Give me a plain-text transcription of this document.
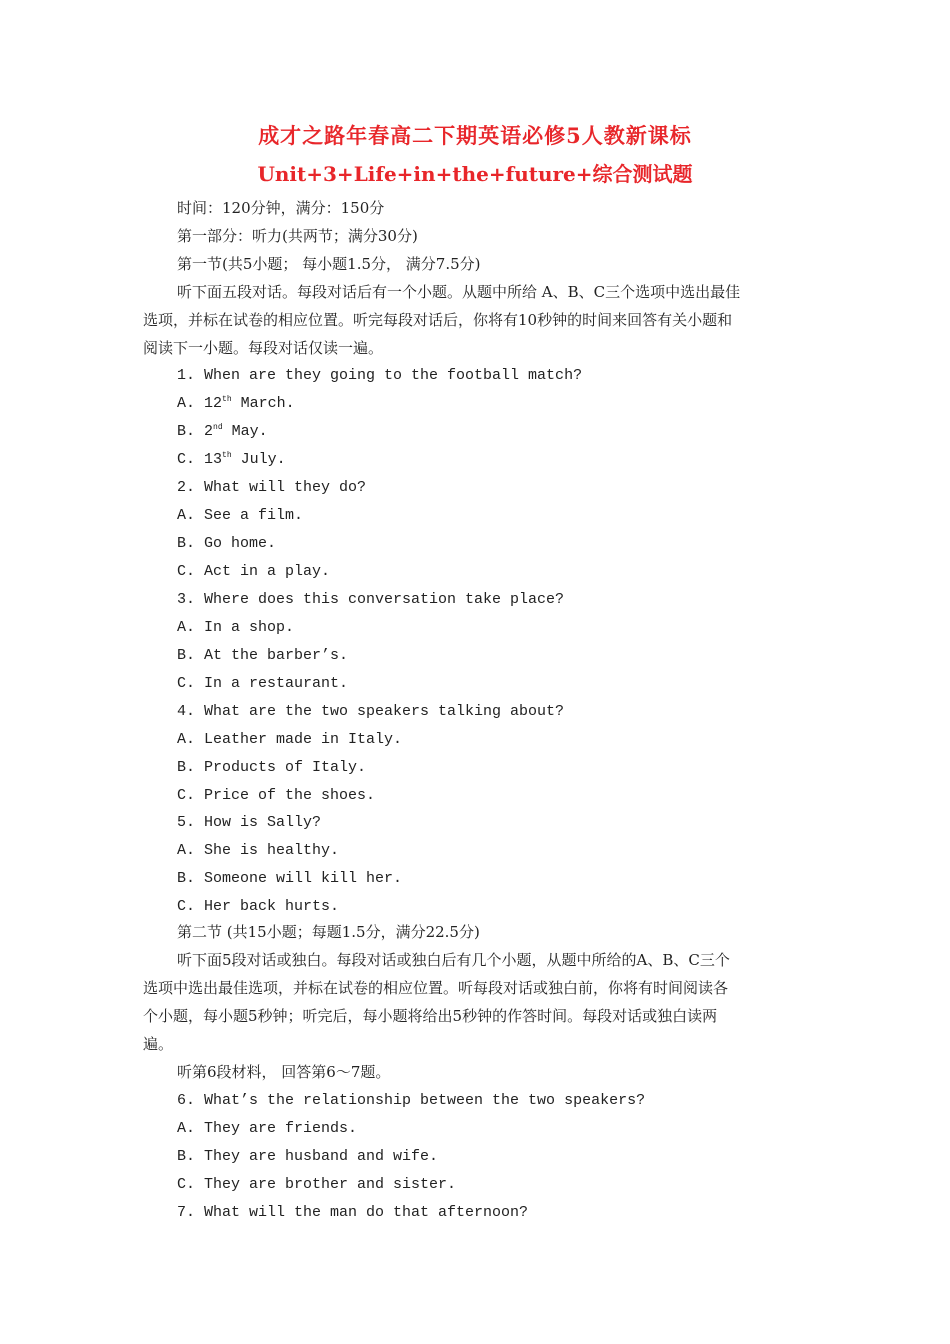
成才之路年春高二下期英语必修5人教新课标
Unit+3+Life+in+the+future+综合测试题
时间：120分钟，满分：150分
第一部分：听力(共两节；满分30分)
第一节(共5小题； 每小题1.5分， 满分7.5分)
听下面五段对话。每段对话后有一个小题。从题中所给 A、B、C三个选项中选出最佳
选项，并标在试卷的相应位置。听完每段对话后，你将有10秒钟的时间来回答有关小题和
阅读下一小题。每段对话仅读一遍。
1. When are they going to the football match?
A. 12th March.
B. 2nd May.
C. 13th July.
2. What will they do?
A. See a film.
B. Go home.
C. Act in a play.
3. Where does this conversation take place?
A. In a shop.
B. At the barber’s.
C. In a restaurant.
4. What are the two speakers talking about?
A. Leather made in Italy.
B. Products of Italy.
C. Price of the shoes.
5. How is Sally?
A. She is healthy.
B. Someone will kill her.
C. Her back hurts.
第二节 (共15小题；每题1.5分，满分22.5分)
听下面5段对话或独白。每段对话或独白后有几个小题，从题中所给的A、B、C三个
选项中选出最佳选项，并标在试卷的相应位置。听每段对话或独白前，你将有时间阅读各
个小题，每小题5秒钟；听完后，每小题将给出5秒钟的作答时间。每段对话或独白读两
遍。
听第6段材料， 回答第6～7题。
6. What’s the relationship between the two speakers?
A. They are friends.
B. They are husband and wife.
C. They are brother and sister.
7. What will the man do that afternoon?
